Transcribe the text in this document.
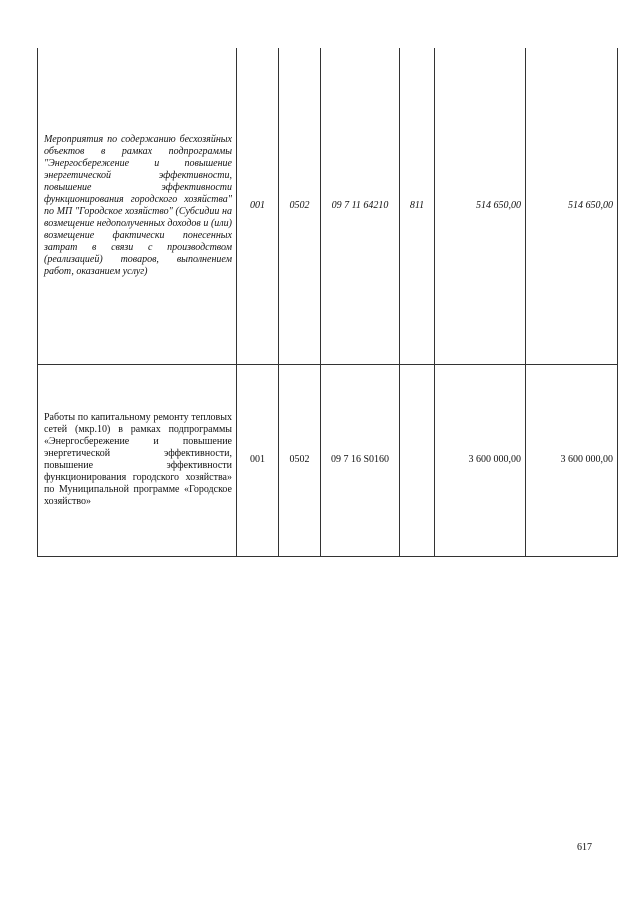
Мероприятия по содержанию бесхозяйных объектов в рамках подпрограммы "Энергосбережение и повышение энергетической эффективности, повышение эффективности функционирования городского хозяйства" по МП "Городское хозяйство" (Субсидии на возмещение недополученных доходов и (или) возмещение фактически понесенных затрат в связи с производством (реализацией) товаров, выполнением работ, оказанием услуг)	001	0502	09 7 11 64210	811	514 650,00	514 650,00
Работы по капитальному ремонту тепловых сетей (мкр.10) в рамках подпрограммы «Энергосбережение и повышение энергетической эффективности, повышение эффективности функционирования городского хозяйства» по Муниципальной программе «Городское хозяйство»	001	0502	09 7 16 S0160		3 600 000,00	3 600 000,00
617
